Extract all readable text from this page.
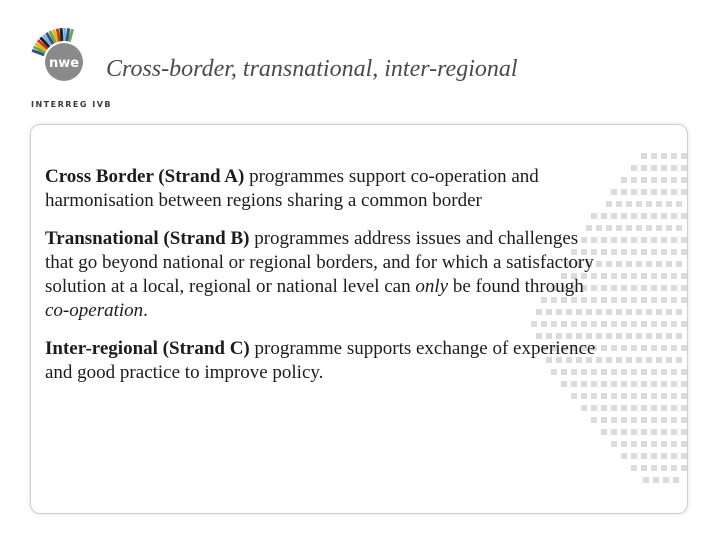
nwe
INTERREG IVB
Cross-border, transnational, inter-regional

Cross Border (Strand A) programmes support co-operation and harmonisation between regions sharing a common border

Transnational (Strand B) programmes address issues and challenges that go beyond national or regional borders, and for which a satisfactory solution at a local, regional or national level can only be found through co-operation.

Inter-regional (Strand C) programme supports exchange of experience and good practice to improve policy.
